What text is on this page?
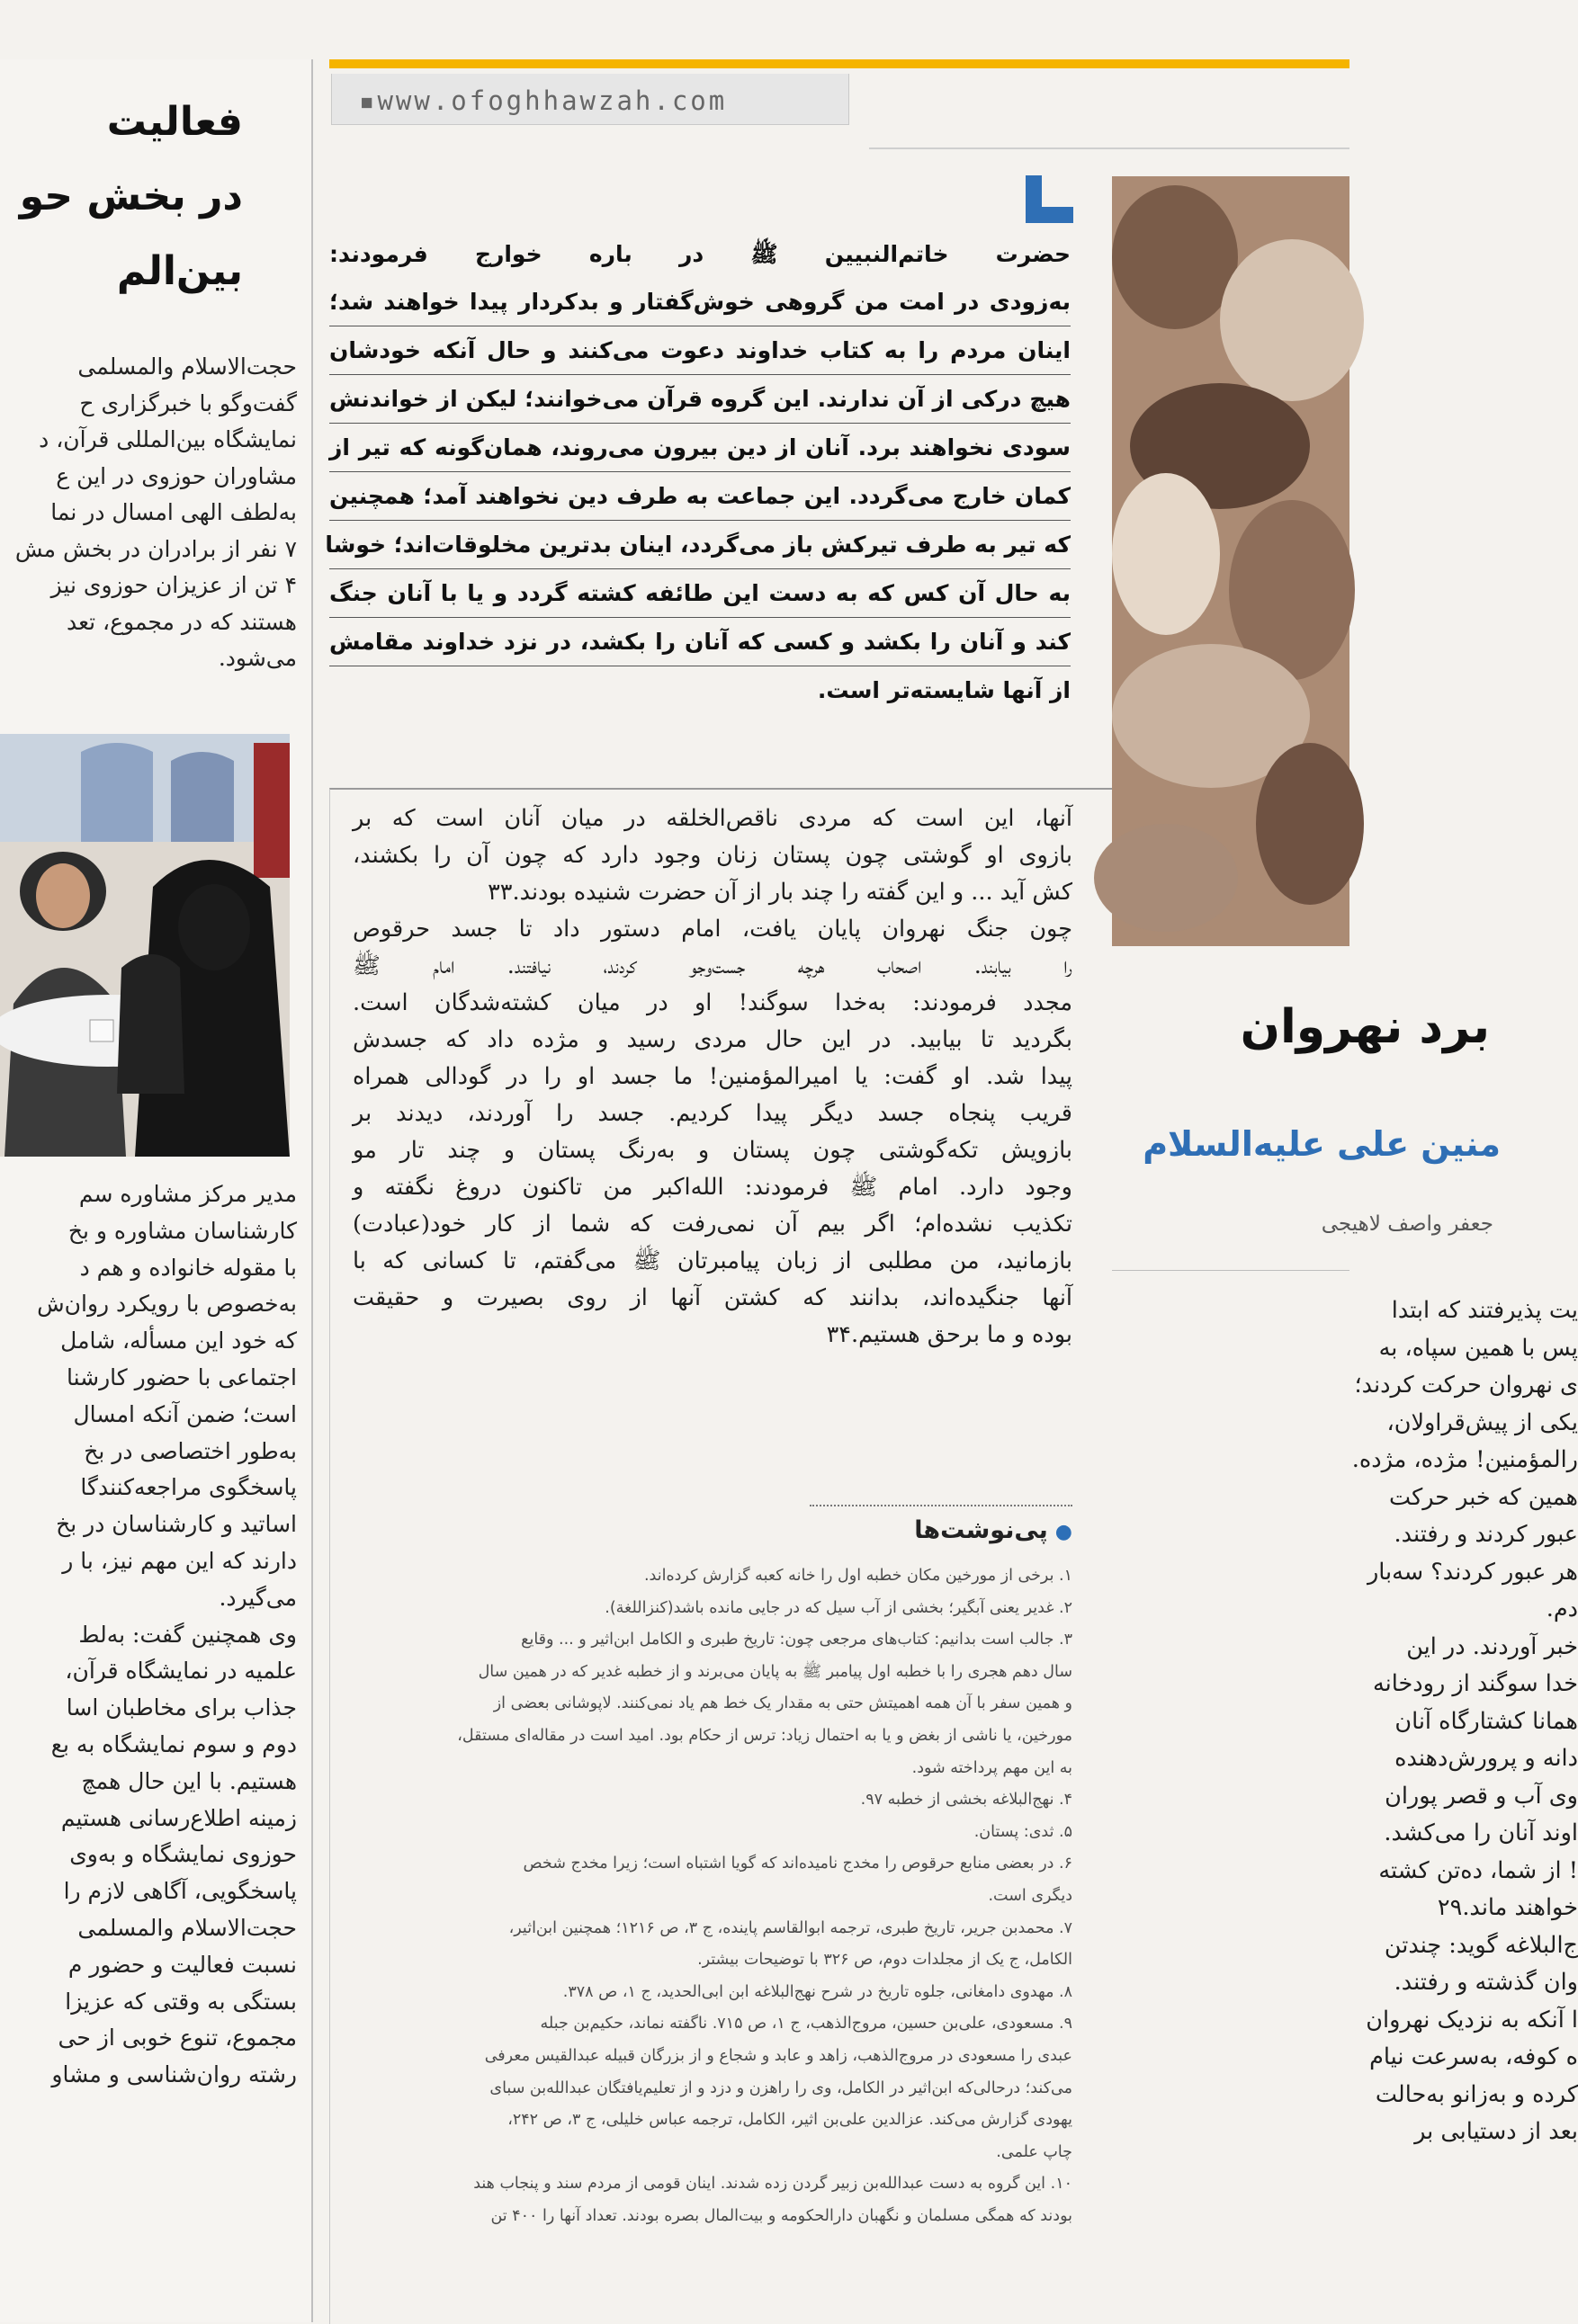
فعالیت
در بخش حو
بین‌الم
حجت‌الاسلام والمسلمی
گفت‌وگو با خبرگزاری ح
نمایشگاه بین‌المللی قرآن، د
مشاوران حوزوی در این ع
به‌لطف الهی امسال در نما
۷ نفر از برادران در بخش مش
۴ تن از عزیزان حوزوی نیز
هستند که در مجموع، تعد
می‌شود.
مدیر مرکز مشاوره سم
کارشناسان مشاوره و بخ
با مقوله خانواده و هم د
به‌خصوص با رویکرد روان‌ش
که خود این مسأله، شامل
اجتماعی با حضور کارشنا
است؛ ضمن آنکه امسال
به‌طور اختصاصی در بخ
پاسخگوی مراجعه‌کنندگا
اساتید و کارشناسان در بخ
دارند که این مهم نیز، با ر
می‌گیرد.
وی همچنین گفت: به‌لط
علمیه در نمایشگاه قرآن،
جذاب برای مخاطبان اسا
دوم و سوم نمایشگاه به بع
هستیم. با این حال همچ
زمینه اطلاع‌رسانی هستیم
حوزوی نمایشگاه و به‌وی
پاسخگویی، آگاهی لازم را
حجت‌الاسلام والمسلمی
نسبت فعالیت و حضور م
بستگی به وقتی که عزیزا
مجموع، تنوع خوبی از حی
رشته روان‌شناسی و مشاو
▪www.ofoghhawzah.com
حضرت خاتم‌النبیین ﷺ در باره خوارج فرمودند:
به‌زودی در امت من گروهی خوش‌گفتار و بدکردار پیدا خواهند شد؛
اینان مردم را به کتاب خداوند دعوت می‌کنند و حال آنکه خودشان
هیچ درکی از آن ندارند. این گروه قرآن می‌خوانند؛ لیکن از خواندنش
سودی نخواهند برد. آنان از دین بیرون می‌روند، همان‌گونه که تیر از
کمان خارج می‌گردد. این جماعت به طرف دین نخواهند آمد؛ همچنین
که تیر به طرف تیرکش باز می‌گردد، اینان بدترین مخلوقات‌اند؛ خوشا
به حال آن کس که به دست این طائفه کشته گردد و یا با آنان جنگ
کند و آنان را بکشد و کسی که آنان را بکشد، در نزد خداوند مقامش
از آنها شایسته‌تر است.
آنها، این است که مردی ناقص‌الخلقه در میان آنان است که بر
بازوی او گوشتی چون پستان زنان وجود دارد که چون آن را بکشند،
کش آید ... و این گفته را چند بار از آن حضرت شنیده بودند.۳۳
چون جنگ نهروان پایان یافت، امام دستور داد تا جسد حرقوص
را بیابند. اصحاب هرچه جست‌وجو کردند، نیافتند. امام ﷺ
مجدد فرمودند: به‌خدا سوگند! او در میان کشته‌شدگان است.
بگردید تا بیابید. در این حال مردی رسید و مژده داد که جسدش
پیدا شد. او گفت: یا امیرالمؤمنین! ما جسد او را در گودالی همراه
قریب پنجاه جسد دیگر پیدا کردیم. جسد را آوردند، دیدند بر
بازویش تکه‌گوشتی چون پستان و به‌رنگ پستان و چند تار مو
وجود دارد. امام ﷺ فرمودند: الله‌اکبر من تاکنون دروغ نگفته و
تکذیب نشده‌ام؛ اگر بیم آن نمی‌رفت که شما از کار خود(عبادت)
بازمانید، من مطلبی از زبان پیامبرتان ﷺ می‌گفتم، تا کسانی که با
آنها جنگیده‌اند، بدانند که کشتن آنها از روی بصیرت و حقیقت
بوده و ما برحق هستیم.۳۴
●پی‌نوشت‌ها
۱. برخی از مورخین مکان خطبه اول را خانه کعبه گزارش کرده‌اند.
۲. غدیر یعنی آبگیر؛ بخشی از آب سیل که در جایی مانده باشد(کنزاللغة).
۳. جالب است بدانیم: کتاب‌های مرجعی چون: تاریخ طبری و الکامل ابن‌اثیر و ... وقایع
سال دهم هجری را با خطبه اول پیامبر ﷺ به پایان می‌برند و از خطبه غدیر که در همین سال
و همین سفر با آن همه اهمیتش حتی به مقدار یک خط هم یاد نمی‌کنند. لاپوشانی بعضی از
مورخین، یا ناشی از بغض و یا به احتمال زیاد: ترس از حکام بود. امید است در مقاله‌ای مستقل،
به این مهم پرداخته شود.
۴. نهج‌البلاغه بخشی از خطبه ۹۷.
۵. ثدی: پستان.
۶. در بعضی منابع حرقوص را مخدج نامیده‌اند که گویا اشتباه است؛ زیرا مخدج شخص
دیگری است.
۷. محمدبن جریر، تاریخ طبری، ترجمه ابوالقاسم پاینده، ج ۳، ص ۱۲۱۶؛ همچنین ابن‌اثیر،
الکامل، ج یک از مجلدات دوم، ص ۳۲۶ با توضیحات بیشتر.
۸. مهدوی دامغانی، جلوه تاریخ در شرح نهج‌البلاغه ابن ابی‌الحدید، ج ۱، ص ۳۷۸.
۹. مسعودی، علی‌بن حسین، مروج‌الذهب، ج ۱، ص ۷۱۵. ناگفته نماند، حکیم‌بن جبله
عبدی را مسعودی در مروج‌الذهب، زاهد و عابد و شجاع و از بزرگان قبیله عبدالقیس معرفی
می‌کند؛ درحالی‌که ابن‌اثیر در الکامل، وی را راهزن و دزد و از تعلیم‌یافتگان عبدالله‌بن سبای
یهودی گزارش می‌کند. عزالدین علی‌بن اثیر، الکامل، ترجمه عباس خلیلی، ج ۳، ص ۲۴۲،
چاپ علمی.
۱۰. این گروه به دست عبدالله‌بن زبیر گردن زده شدند. اینان قومی از مردم سند و پنجاب هند
بودند که همگی مسلمان و نگهبان دارالحکومه و بیت‌المال بصره بودند. تعداد آنها را ۴۰۰ تن
برد نهروان
منین علی علیه‌السلام
جعفر واصف لاهیجی
یت پذیرفتند که ابتدا
پس با همین سپاه، به
ی نهروان حرکت کردند؛
یکی از پیش‌قراولان،
رالمؤمنین! مژده، مژده.
همین که خبر حرکت
عبور کردند و رفتند.
هر عبور کردند؟ سه‌بار
دم.
خبر آوردند. در این
خدا سوگند از رودخانه
همانا کشتارگاه آنان
دانه و پرورش‌دهنده
وی آب و قصر پوران
اوند آنان را می‌کشد.
! از شما، ده‌تن کشته
خواهند ماند.۲۹
ج‌البلاغه گوید: چندتن
وان گذشته و رفتند.
ا آنکه به نزدیک نهروان
ه کوفه، به‌سرعت نیام
کرده و به‌زانو به‌حالت
بعد از دستیابی بر
